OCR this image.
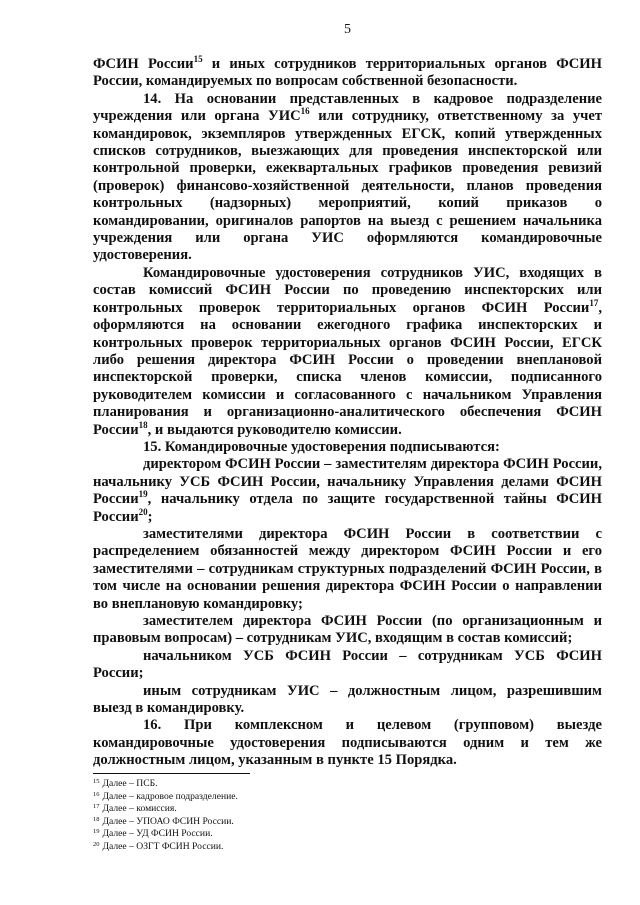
5

ФСИН России$^{15}$ и иных сотрудников территориальных органов ФСИН России, командируемых по вопросам собственной безопасности.

14. На основании представленных в кадровое подразделение учреждения или органа УИС$^{16}$ или сотруднику, ответственному за учет командировок, экземпляров утвержденных ЕГСК, копий утвержденных списков сотрудников, выезжающих для проведения инспекторской или контрольной проверки, ежеквартальных графиков проведения ревизий (проверок) финансово-хозяйственной деятельности, планов проведения контрольных (надзорных) мероприятий, копий приказов о командировании, оригиналов рапортов на выезд с решением начальника учреждения или органа УИС оформляются командировочные удостоверения.

Командировочные удостоверения сотрудников УИС, входящих в состав комиссий ФСИН России по проведению инспекторских или контрольных проверок территориальных органов ФСИН России$^{17}$, оформляются на основании ежегодного графика инспекторских и контрольных проверок территориальных органов ФСИН России, ЕГСК либо решения директора ФСИН России о проведении внеплановой инспекторской проверки, списка членов комиссии, подписанного руководителем комиссии и согласованного с начальником Управления планирования и организационно-аналитического обеспечения ФСИН России$^{18}$, и выдаются руководителю комиссии.

15. Командировочные удостоверения подписываются:

директором ФСИН России – заместителям директора ФСИН России, начальнику УСБ ФСИН России, начальнику Управления делами ФСИН России$^{19}$, начальнику отдела по защите государственной тайны ФСИН России$^{20}$;

заместителями директора ФСИН России в соответствии с распределением обязанностей между директором ФСИН России и его заместителями – сотрудникам структурных подразделений ФСИН России, в том числе на основании решения директора ФСИН России о направлении во внеплановую командировку;

заместителем директора ФСИН России (по организационным и правовым вопросам) – сотрудникам УИС, входящим в состав комиссий;

начальником УСБ ФСИН России – сотрудникам УСБ ФСИН России;

иным сотрудникам УИС – должностным лицом, разрешившим выезд в командировку.

16. При комплексном и целевом (групповом) выезде командировочные удостоверения подписываются одним и тем же должностным лицом, указанным в пункте 15 Порядка.

$^{15}$ Далее – ПСБ.
$^{16}$ Далее – кадровое подразделение.
$^{17}$ Далее – комиссия.
$^{18}$ Далее – УПОАО ФСИН России.
$^{19}$ Далее – УД ФСИН России.
$^{20}$ Далее – ОЗГТ ФСИН России.
